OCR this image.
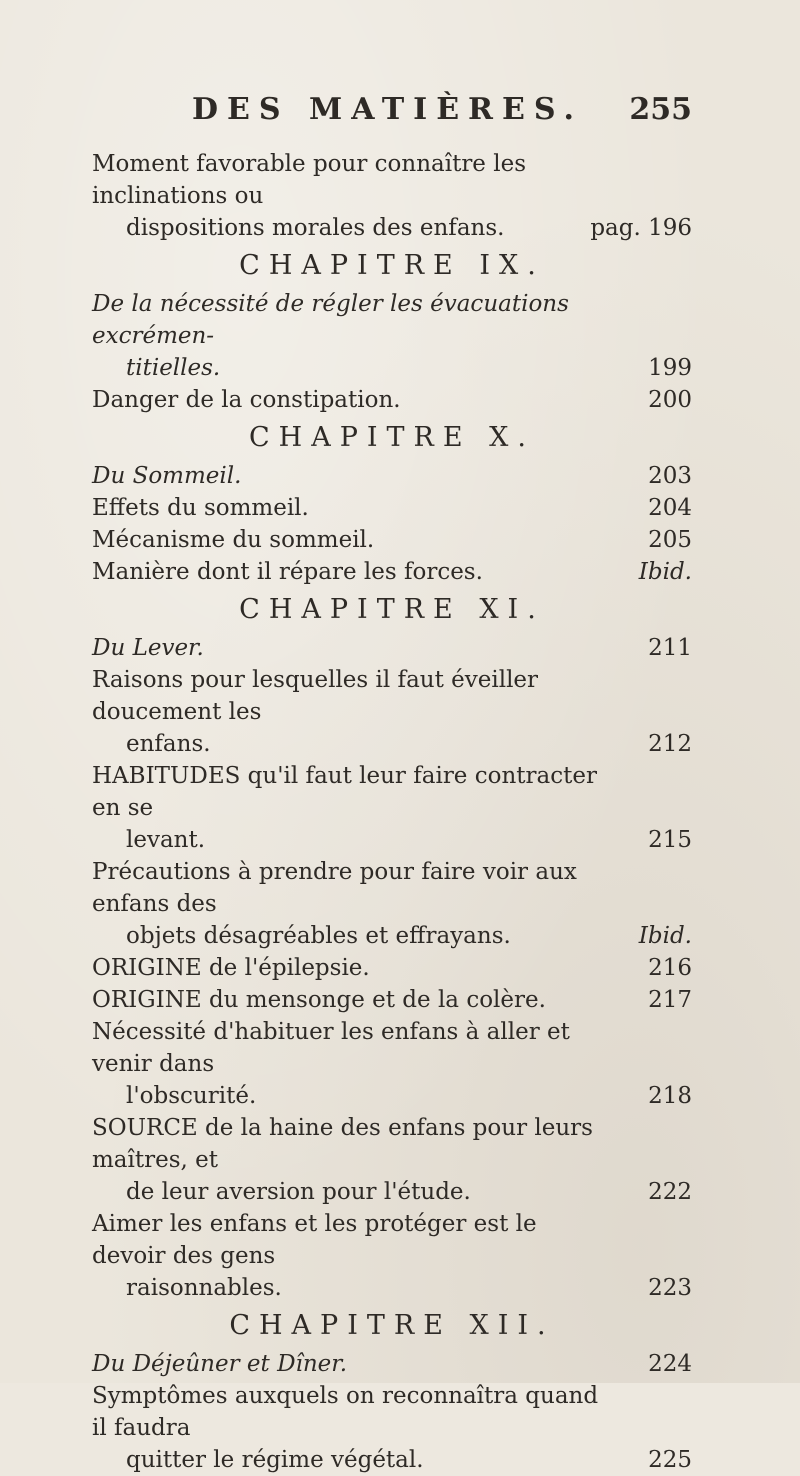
DES MATIÈRES. 255
Moment favorable pour connaître les inclinations ou

dispositions morales des enfans.	pag. 196
CHAPITRE IX.
De la nécessité de régler les évacuations excrémen-

titielles.	199
Danger de la constipation.	200
CHAPITRE X.
Du Sommeil.	203
Effets du sommeil.	204
Mécanisme du sommeil.	205
Manière dont il répare les forces.	Ibid.
CHAPITRE XI.
Du Lever.	211
Raisons pour lesquelles il faut éveiller doucement les

enfans.	212
HABITUDES qu'il faut leur faire contracter en se

levant.	215
Précautions à prendre pour faire voir aux enfans des

objets désagréables et effrayans.	Ibid.
ORIGINE de l'épilepsie.	216
ORIGINE du mensonge et de la colère.	217
Nécessité d'habituer les enfans à aller et venir dans

l'obscurité.	218
SOURCE de la haine des enfans pour leurs maîtres, et

de leur aversion pour l'étude.	222
Aimer les enfans et les protéger est le devoir des gens

raisonnables.	223
CHAPITRE XII.
Du Déjeûner et Dîner.	224
Symptômes auxquels on reconnaîtra quand il faudra

quitter le régime végétal.	225
